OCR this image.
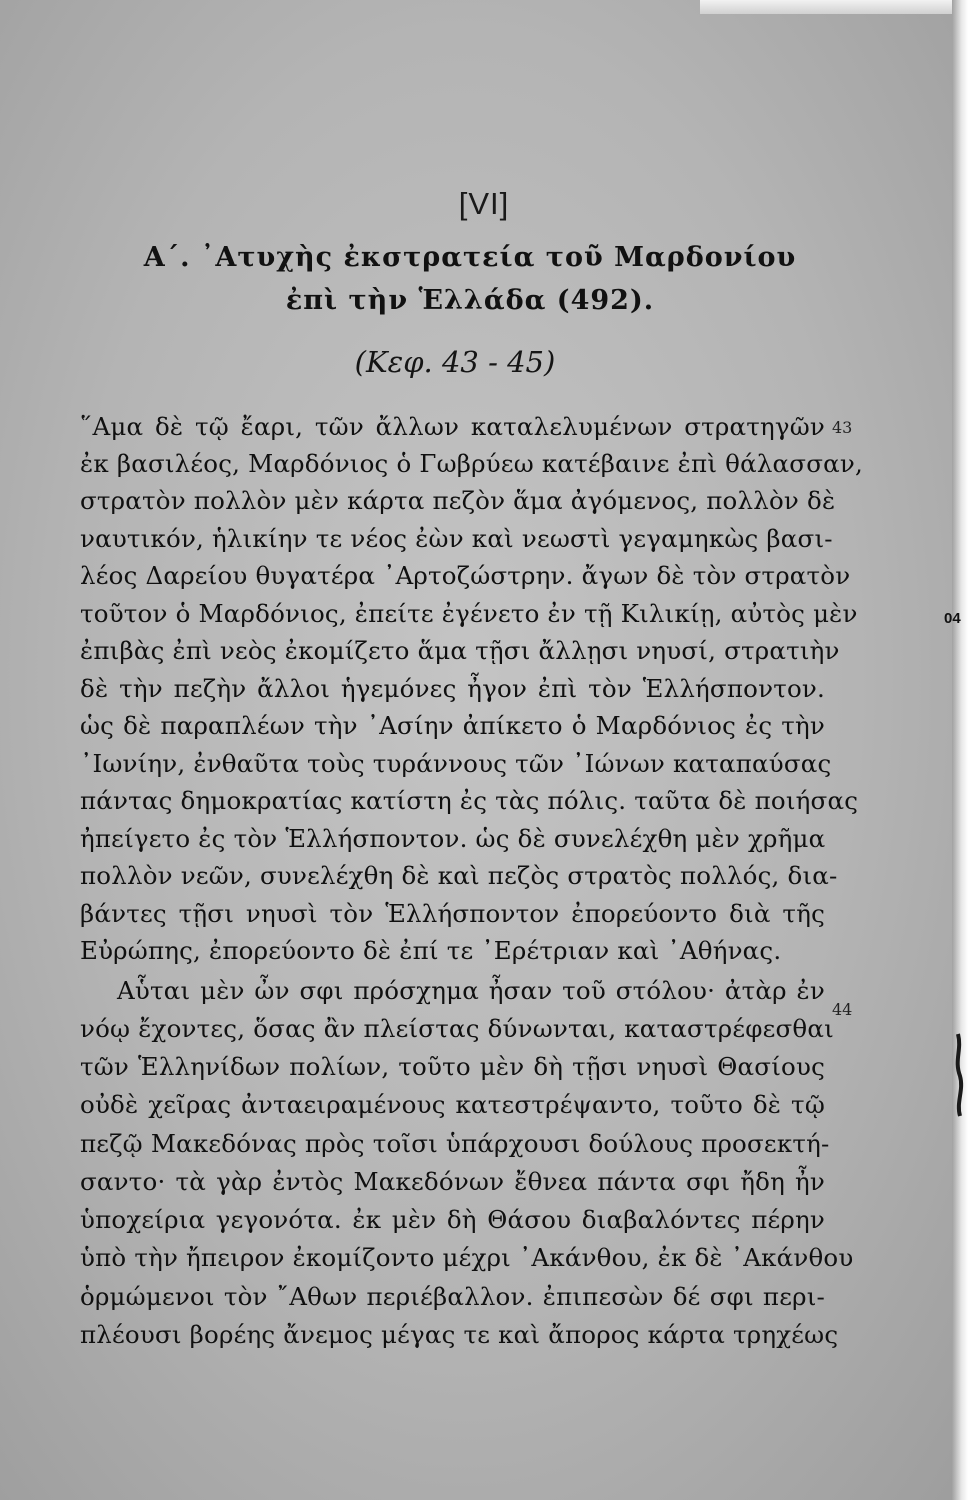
[VI]
Α΄. ᾿Ατυχὴς ἐκστρατεία τοῦ Μαρδονίου
ἐπὶ τὴν Ἑλλάδα (492).
(Κεφ. 43 - 45)
῞Αμα δὲ τῷ ἔαρι, τῶν ἄλλων καταλελυμένων στρατηγῶν
ἐκ βασιλέος, Μαρδόνιος ὁ Γωβρύεω κατέβαινε ἐπὶ θάλασσαν,
στρατὸν πολλὸν μὲν κάρτα πεζὸν ἅμα ἀγόμενος, πολλὸν δὲ
ναυτικόν, ἡλικίην τε νέος ἐὼν καὶ νεωστὶ γεγαμηκὼς βασι-
λέος Δαρείου θυγατέρα ᾿Αρτοζώστρην. ἄγων δὲ τὸν στρατὸν
τοῦτον ὁ Μαρδόνιος, ἐπείτε ἐγένετο ἐν τῇ Κιλικίῃ, αὐτὸς μὲν
ἐπιβὰς ἐπὶ νεὸς ἐκομίζετο ἅμα τῇσι ἄλλῃσι νηυσί, στρατιὴν
δὲ τὴν πεζὴν ἄλλοι ἡγεμόνες ἦγον ἐπὶ τὸν Ἑλλήσποντον.
ὡς δὲ παραπλέων τὴν ᾿Ασίην ἀπίκετο ὁ Μαρδόνιος ἐς τὴν
᾿Ιωνίην, ἐνθαῦτα τοὺς τυράννους τῶν ᾿Ιώνων καταπαύσας
πάντας δημοκρατίας κατίστη ἐς τὰς πόλις. ταῦτα δὲ ποιήσας
ἠπείγετο ἐς τὸν Ἑλλήσποντον. ὡς δὲ συνελέχθη μὲν χρῆμα
πολλὸν νεῶν, συνελέχθη δὲ καὶ πεζὸς στρατὸς πολλός, δια-
βάντες τῇσι νηυσὶ τὸν Ἑλλήσποντον ἐπορεύοντο διὰ τῆς
Εὐρώπης, ἐπορεύοντο δὲ ἐπί τε ᾿Ερέτριαν καὶ ᾿Αθήνας.
Αὗται μὲν ὦν σφι πρόσχημα ἦσαν τοῦ στόλου· ἀτὰρ ἐν
νόῳ ἔχοντες, ὅσας ἂν πλείστας δύνωνται, καταστρέφεσθαι
τῶν Ἑλληνίδων πολίων, τοῦτο μὲν δὴ τῇσι νηυσὶ Θασίους
οὐδὲ χεῖρας ἀνταειραμένους κατεστρέψαντο, τοῦτο δὲ τῷ
πεζῷ Μακεδόνας πρὸς τοῖσι ὑπάρχουσι δούλους προσεκτή-
σαντο· τὰ γὰρ ἐντὸς Μακεδόνων ἔθνεα πάντα σφι ἤδη ἦν
ὑποχείρια γεγονότα. ἐκ μὲν δὴ Θάσου διαβαλόντες πέρην
ὑπὸ τὴν ἤπειρον ἐκομίζοντο μέχρι ᾿Ακάνθου, ἐκ δὲ ᾿Ακάνθου
ὁρμώμενοι τὸν ῎Αθων περιέβαλλον. ἐπιπεσὼν δέ σφι περι-
πλέουσι βορέης ἄνεμος μέγας τε καὶ ἄπορος κάρτα τρηχέως
43
44
04
